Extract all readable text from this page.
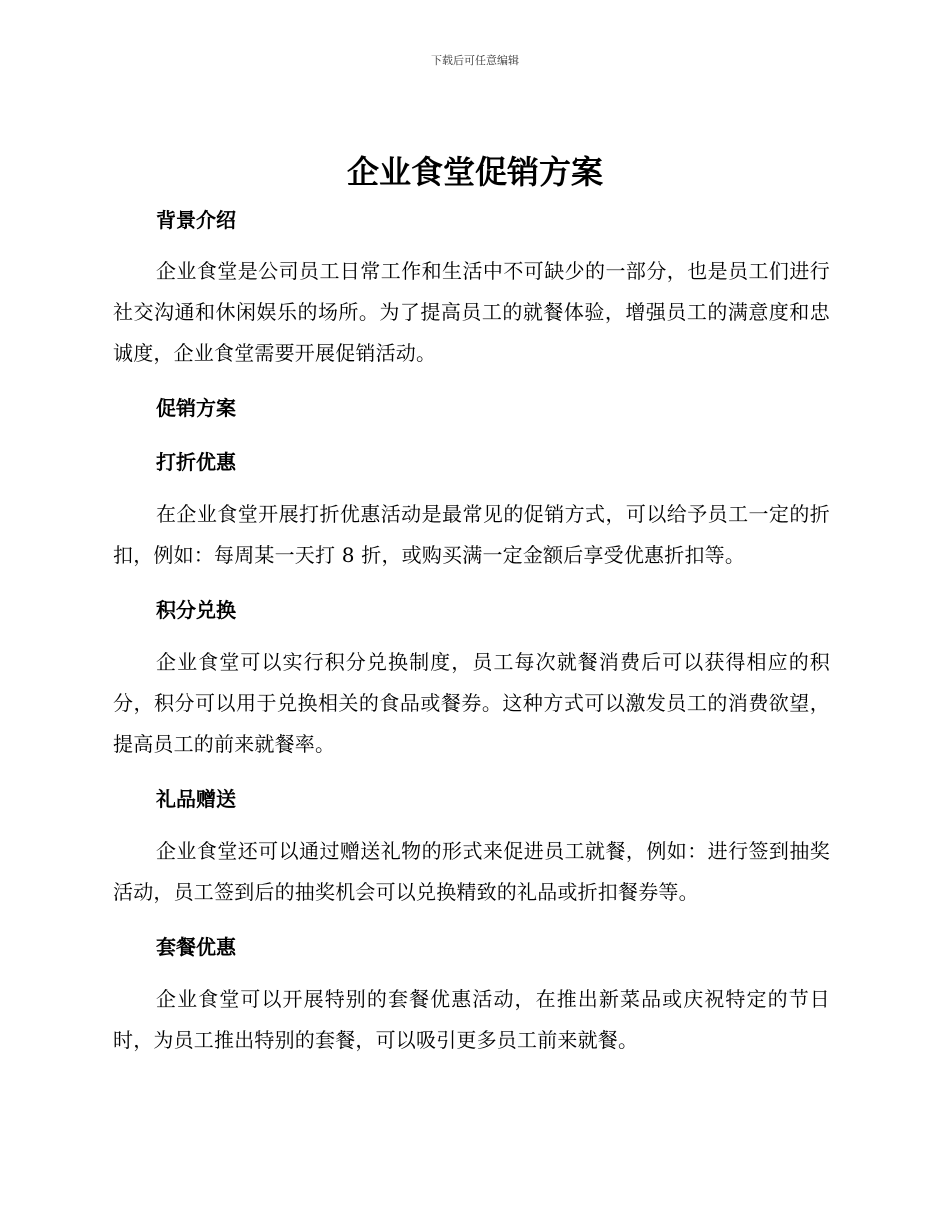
下载后可任意编辑
企业食堂促销方案
背景介绍

企业食堂是公司员工日常工作和生活中不可缺少的一部分，也是员工们进行社交沟通和休闲娱乐的场所。为了提高员工的就餐体验，增强员工的满意度和忠诚度，企业食堂需要开展促销活动。

促销方案
打折优惠

在企业食堂开展打折优惠活动是最常见的促销方式，可以给予员工一定的折扣，例如：每周某一天打 8 折，或购买满一定金额后享受优惠折扣等。

积分兑换

企业食堂可以实行积分兑换制度，员工每次就餐消费后可以获得相应的积分，积分可以用于兑换相关的食品或餐券。这种方式可以激发员工的消费欲望，提高员工的前来就餐率。

礼品赠送

企业食堂还可以通过赠送礼物的形式来促进员工就餐，例如：进行签到抽奖活动，员工签到后的抽奖机会可以兑换精致的礼品或折扣餐券等。

套餐优惠

企业食堂可以开展特别的套餐优惠活动，在推出新菜品或庆祝特定的节日时，为员工推出特别的套餐，可以吸引更多员工前来就餐。
